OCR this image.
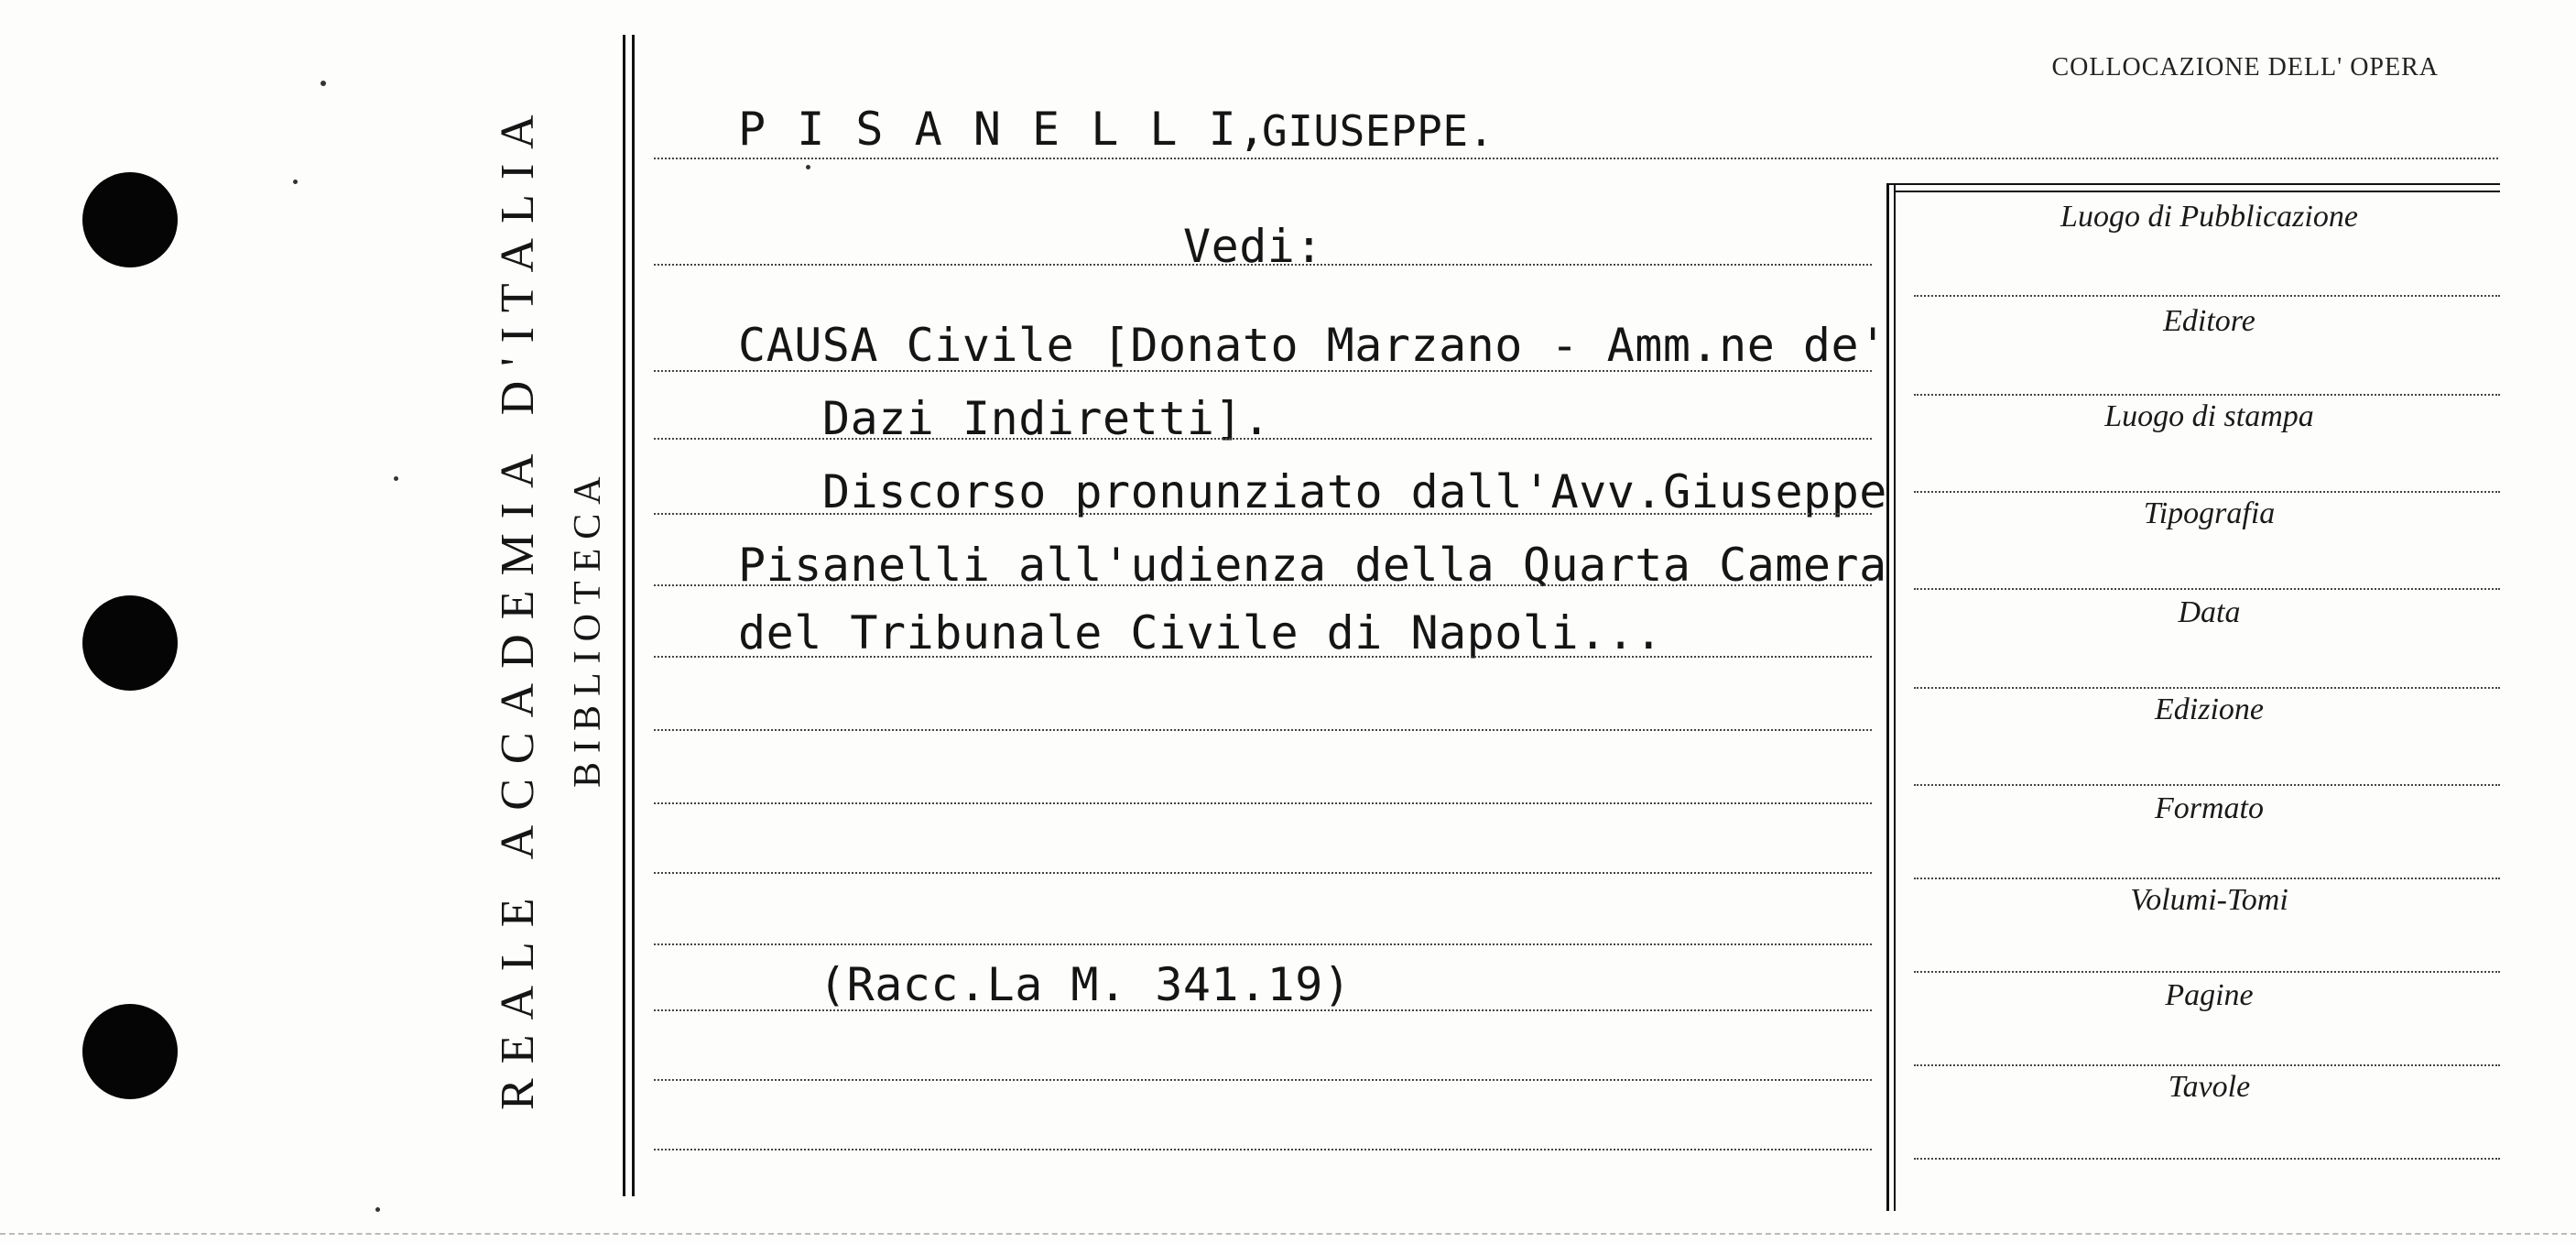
REALE ACCADEMIA D'ITALIA BIBLIOTECA
COLLOCAZIONE DELL' OPERA
P I S A N E L L I,
GIUSEPPE.
Vedi:
CAUSA Civile [Donato Marzano - Amm.ne de'
Dazi Indiretti].
Discorso pronunziato dall'Avv.Giuseppe
Pisanelli all'udienza della Quarta Camera
del Tribunale Civile di Napoli...
(Racc.La M. 341.19)
Luogo di Pubblicazione
Editore
Luogo di stampa
Tipografia
Data
Edizione
Formato
Volumi-Tomi
Pagine
Tavole
